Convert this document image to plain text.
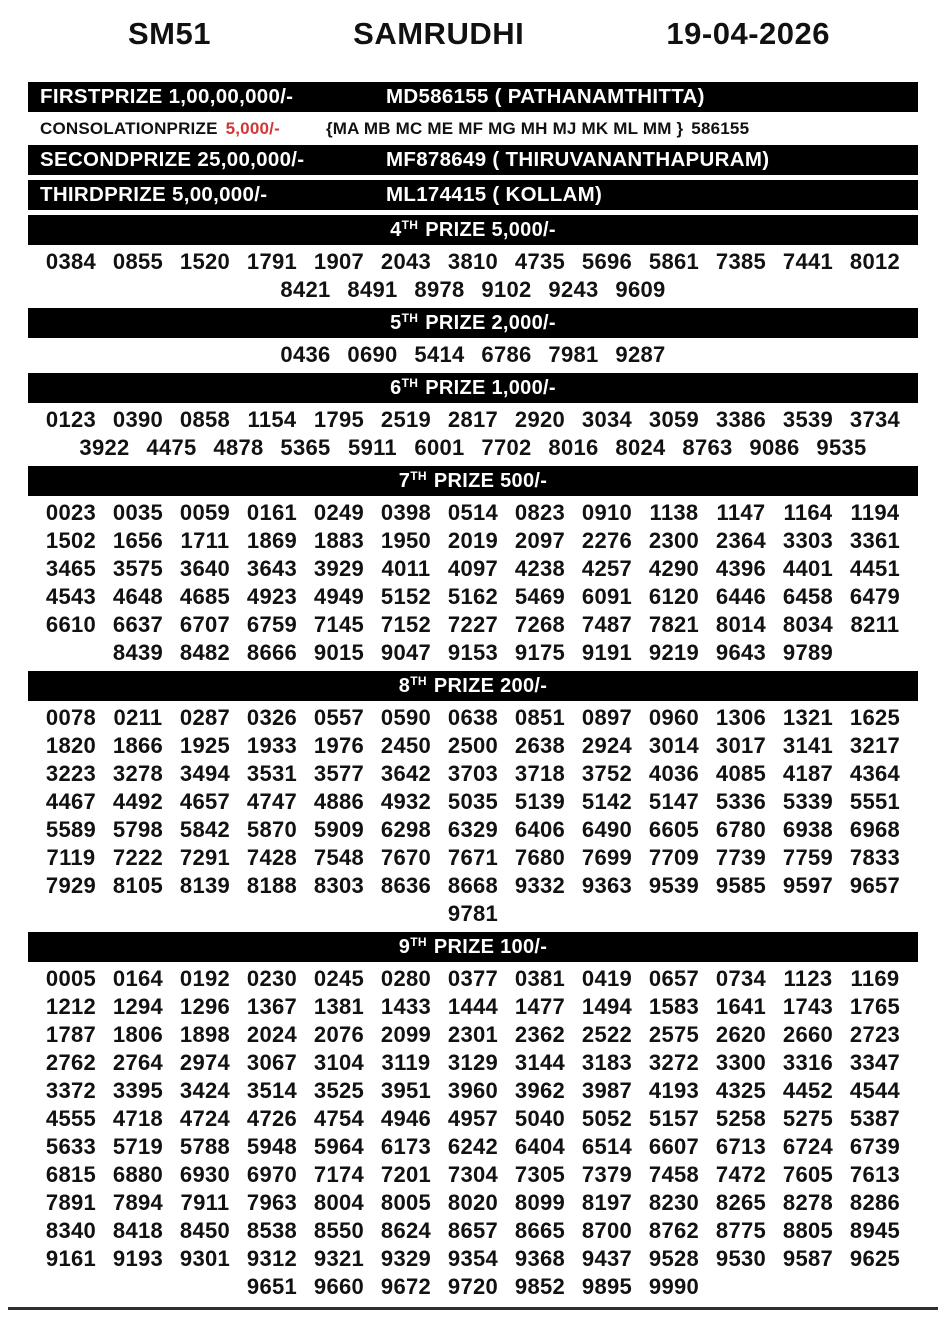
SM51	SAMRUDHI	19-04-2026
FIRSTPRIZE 1,00,00,000/-	MD586155 ( PATHANAMTHITTA)
CONSOLATIONPRIZE 5,000/-	{MA MB MC ME MF MG MH MJ MK ML MM } 586155
SECONDPRIZE 25,00,000/-	MF878649 ( THIRUVANANTHAPURAM)
THIRDPRIZE 5,00,000/-	ML174415 ( KOLLAM)
4 TH PRIZE 5,000/-
0384 0855 1520 1791 1907 2043 3810 4735 5696 5861 7385 7441 8012
8421 8491 8978 9102 9243 9609
5 TH PRIZE 2,000/-
0436 0690 5414 6786 7981 9287
6 TH PRIZE 1,000/-
0123 0390 0858 1154 1795 2519 2817 2920 3034 3059 3386 3539 3734
3922 4475 4878 5365 5911 6001 7702 8016 8024 8763 9086 9535
7 TH PRIZE 500/-
0023 0035 0059 0161 0249 0398 0514 0823 0910 1138 1147 1164 1194
1502 1656 1711 1869 1883 1950 2019 2097 2276 2300 2364 3303 3361
3465 3575 3640 3643 3929 4011 4097 4238 4257 4290 4396 4401 4451
4543 4648 4685 4923 4949 5152 5162 5469 6091 6120 6446 6458 6479
6610 6637 6707 6759 7145 7152 7227 7268 7487 7821 8014 8034 8211
8439 8482 8666 9015 9047 9153 9175 9191 9219 9643 9789
8 TH PRIZE 200/-
0078 0211 0287 0326 0557 0590 0638 0851 0897 0960 1306 1321 1625
1820 1866 1925 1933 1976 2450 2500 2638 2924 3014 3017 3141 3217
3223 3278 3494 3531 3577 3642 3703 3718 3752 4036 4085 4187 4364
4467 4492 4657 4747 4886 4932 5035 5139 5142 5147 5336 5339 5551
5589 5798 5842 5870 5909 6298 6329 6406 6490 6605 6780 6938 6968
7119 7222 7291 7428 7548 7670 7671 7680 7699 7709 7739 7759 7833
7929 8105 8139 8188 8303 8636 8668 9332 9363 9539 9585 9597 9657
9781
9 TH PRIZE 100/-
0005 0164 0192 0230 0245 0280 0377 0381 0419 0657 0734 1123 1169
1212 1294 1296 1367 1381 1433 1444 1477 1494 1583 1641 1743 1765
1787 1806 1898 2024 2076 2099 2301 2362 2522 2575 2620 2660 2723
2762 2764 2974 3067 3104 3119 3129 3144 3183 3272 3300 3316 3347
3372 3395 3424 3514 3525 3951 3960 3962 3987 4193 4325 4452 4544
4555 4718 4724 4726 4754 4946 4957 5040 5052 5157 5258 5275 5387
5633 5719 5788 5948 5964 6173 6242 6404 6514 6607 6713 6724 6739
6815 6880 6930 6970 7174 7201 7304 7305 7379 7458 7472 7605 7613
7891 7894 7911 7963 8004 8005 8020 8099 8197 8230 8265 8278 8286
8340 8418 8450 8538 8550 8624 8657 8665 8700 8762 8775 8805 8945
9161 9193 9301 9312 9321 9329 9354 9368 9437 9528 9530 9587 9625
9651 9660 9672 9720 9852 9895 9990
